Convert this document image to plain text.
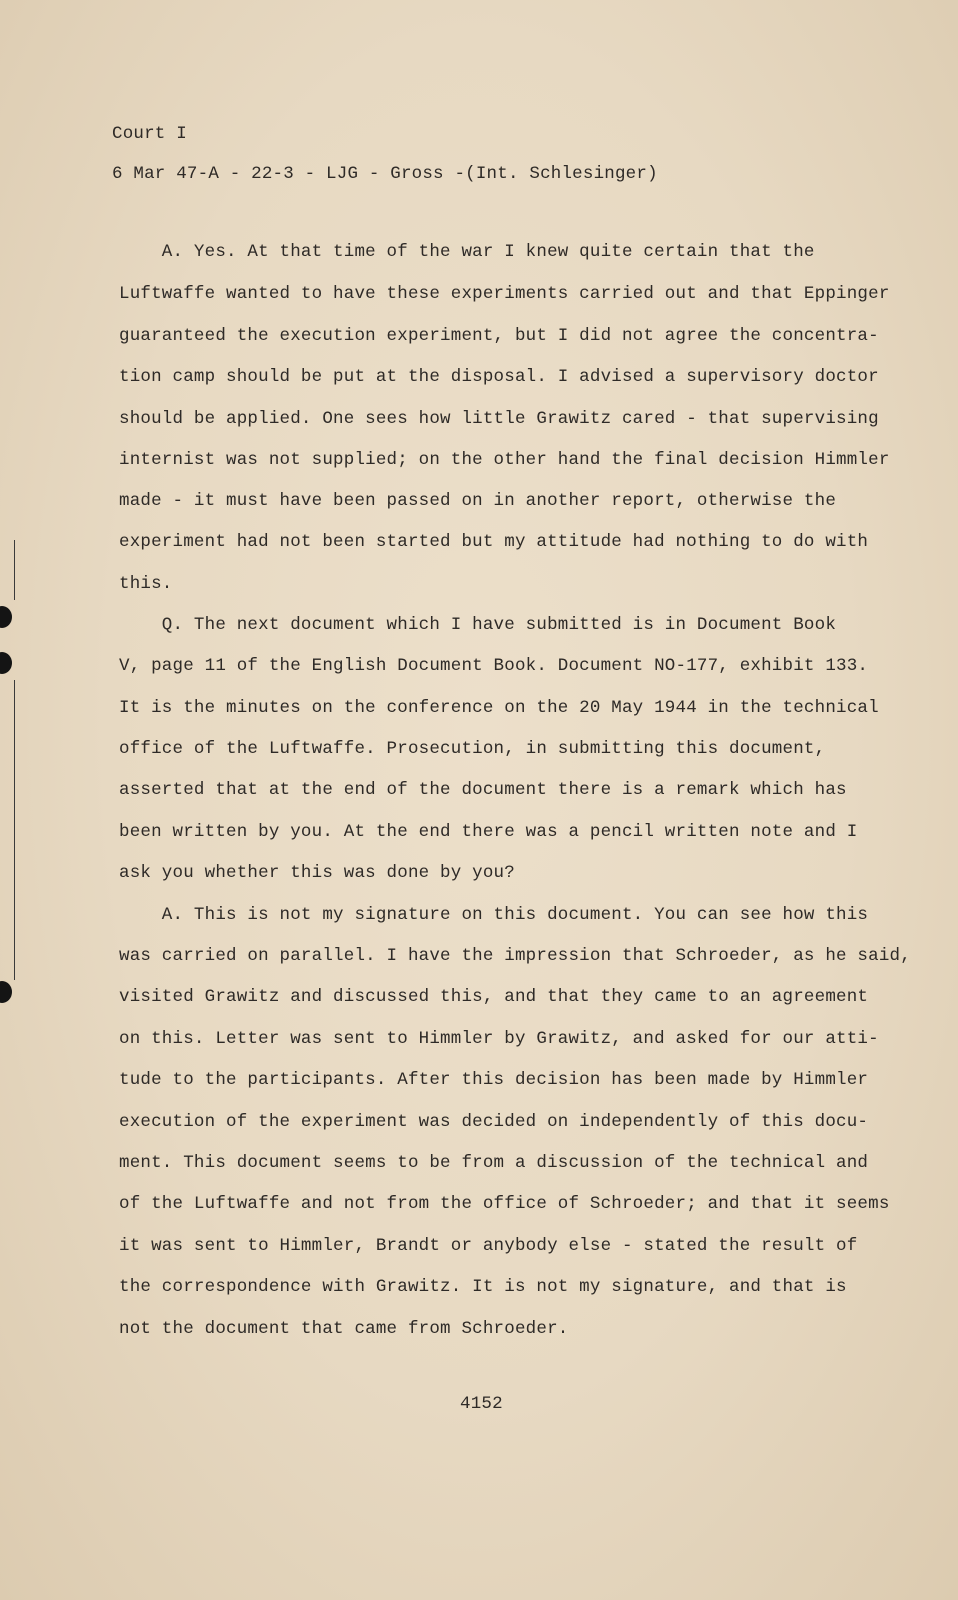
Court I
6 Mar 47-A - 22-3 - LJG - Gross -(Int. Schlesinger)
A. Yes. At that time of the war I knew quite certain that the
Luftwaffe wanted to have these experiments carried out and that Eppinger
guaranteed the execution experiment, but I did not agree the concentra-
tion camp should be put at the disposal. I advised a supervisory doctor
should be applied. One sees how little Grawitz cared - that supervising
internist was not supplied; on the other hand the final decision Himmler
made - it must have been passed on in another report, otherwise the
experiment had not been started but my attitude had nothing to do with
this.
Q. The next document which I have submitted is in Document Book
V, page 11 of the English Document Book. Document NO-177, exhibit 133.
It is the minutes on the conference on the 20 May 1944 in the technical
office of the Luftwaffe. Prosecution, in submitting this document,
asserted that at the end of the document there is a remark which has
been written by you. At the end there was a pencil written note and I
ask you whether this was done by you?
A. This is not my signature on this document. You can see how this
was carried on parallel. I have the impression that Schroeder, as he said,
visited Grawitz and discussed this, and that they came to an agreement
on this. Letter was sent to Himmler by Grawitz, and asked for our atti-
tude to the participants. After this decision has been made by Himmler
execution of the experiment was decided on independently of this docu-
ment. This document seems to be from a discussion of the technical and
of the Luftwaffe and not from the office of Schroeder; and that it seems
it was sent to Himmler, Brandt or anybody else - stated the result of
the correspondence with Grawitz. It is not my signature, and that is
not the document that came from Schroeder.
4152
